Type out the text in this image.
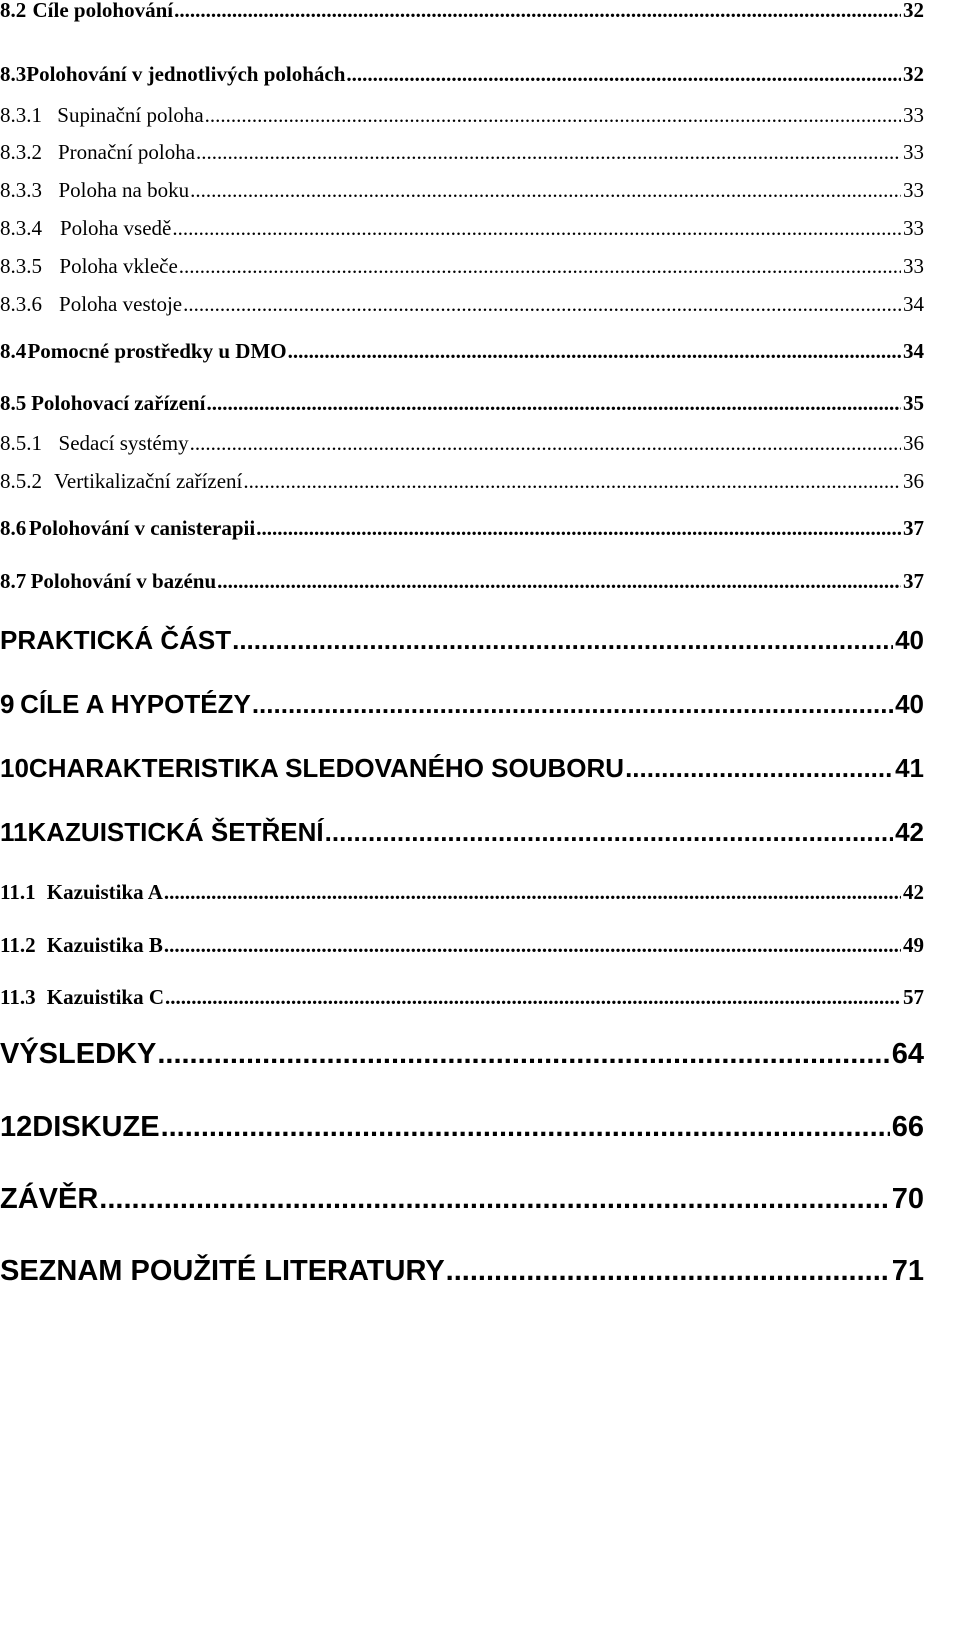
8.2 Cíle polohování .....	32
8.3 Polohování v jednotlivých polohách .....	32
8.3.1 Supinační poloha .....	33
8.3.2 Pronační poloha .....	33
8.3.3 Poloha na boku .....	33
8.3.4 Poloha vsedě .....	33
8.3.5 Poloha vkleče .....	33
8.3.6 Poloha vestoje .....	34
8.4 Pomocné prostředky u DMO .....	34
8.5 Polohovací zařízení .....	35
8.5.1 Sedací systémy .....	36
8.5.2 Vertikalizační zařízení .....	36
8.6 Polohování v canisterapii .....	37
8.7 Polohování v bazénu .....	37
PRAKTICKÁ ČÁST .....	40
9 CÍLE A HYPOTÉZY .....	40
10 CHARAKTERISTIKA SLEDOVANÉHO SOUBORU .....	41
11 KAZUISTICKÁ ŠETŘENÍ .....	42
11.1 Kazuistika A .....	42
11.2 Kazuistika B .....	49
11.3 Kazuistika C .....	57
VÝSLEDKY .....	64
12 DISKUZE .....	66
ZÁVĚR .....	70
SEZNAM POUŽITÉ LITERATURY .....	71
